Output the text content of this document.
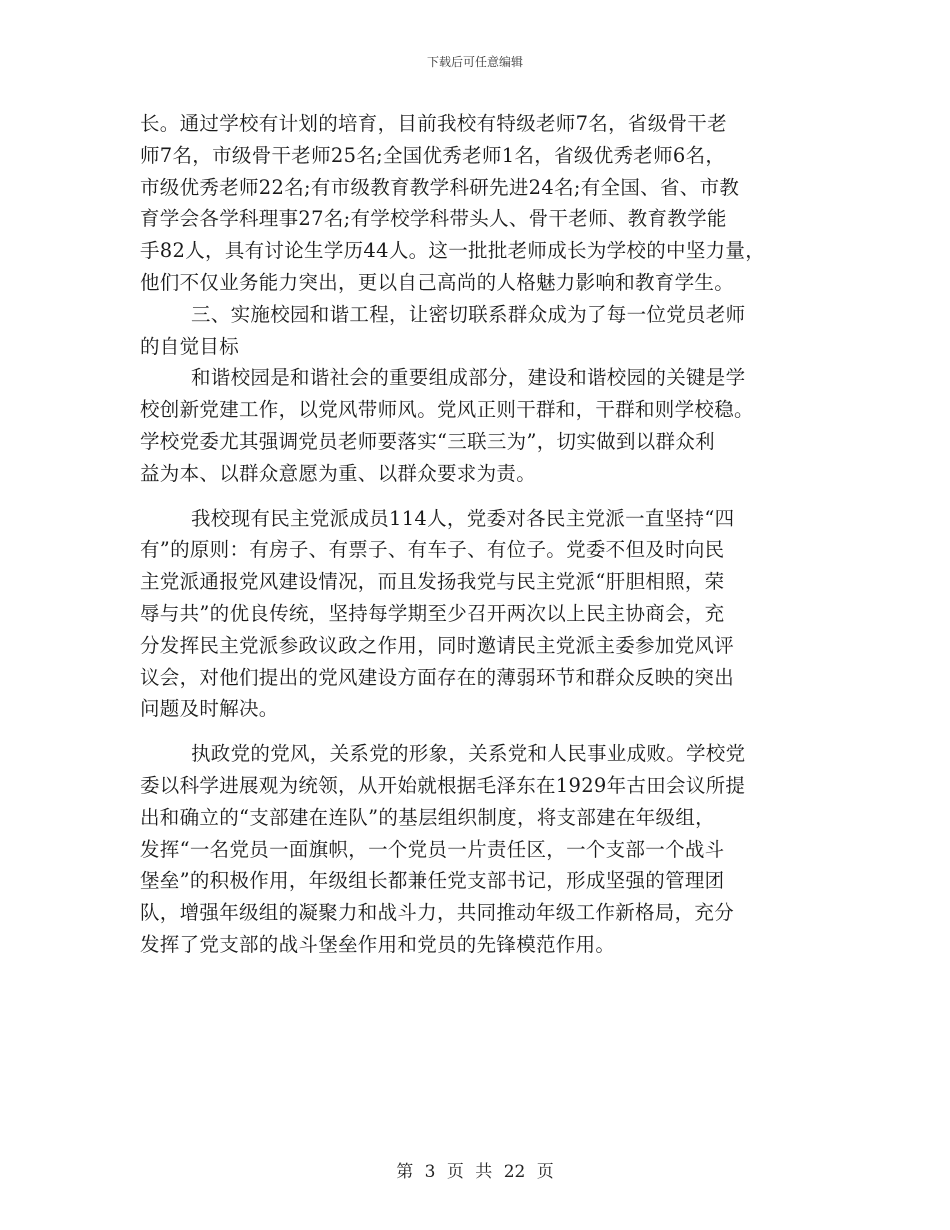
下载后可任意编辑
长。通过学校有计划的培育，目前我校有特级老师7名，省级骨干老
师7名，市级骨干老师25名;全国优秀老师1名，省级优秀老师6名，
市级优秀老师22名;有市级教育教学科研先进24名;有全国、省、市教
育学会各学科理事27名;有学校学科带头人、骨干老师、教育教学能
手82人，具有讨论生学历44人。这一批批老师成长为学校的中坚力量，
他们不仅业务能力突出，更以自己高尚的人格魅力影响和教育学生。
三、实施校园和谐工程，让密切联系群众成为了每一位党员老师
的自觉目标
和谐校园是和谐社会的重要组成部分，建设和谐校园的关键是学
校创新党建工作，以党风带师风。党风正则干群和，干群和则学校稳。
学校党委尤其强调党员老师要落实“三联三为”，切实做到以群众利
益为本、以群众意愿为重、以群众要求为责。
我校现有民主党派成员114人，党委对各民主党派一直坚持“四
有”的原则：有房子、有票子、有车子、有位子。党委不但及时向民
主党派通报党风建设情况，而且发扬我党与民主党派“肝胆相照，荣
辱与共”的优良传统，坚持每学期至少召开两次以上民主协商会，充
分发挥民主党派参政议政之作用，同时邀请民主党派主委参加党风评
议会，对他们提出的党风建设方面存在的薄弱环节和群众反映的突出
问题及时解决。
执政党的党风，关系党的形象，关系党和人民事业成败。学校党
委以科学进展观为统领，从开始就根据毛泽东在1929年古田会议所提
出和确立的“支部建在连队”的基层组织制度，将支部建在年级组，
发挥“一名党员一面旗帜，一个党员一片责任区，一个支部一个战斗
堡垒”的积极作用，年级组长都兼任党支部书记，形成坚强的管理团
队，增强年级组的凝聚力和战斗力，共同推动年级工作新格局，充分
发挥了党支部的战斗堡垒作用和党员的先锋模范作用。
第 3 页 共 22 页
